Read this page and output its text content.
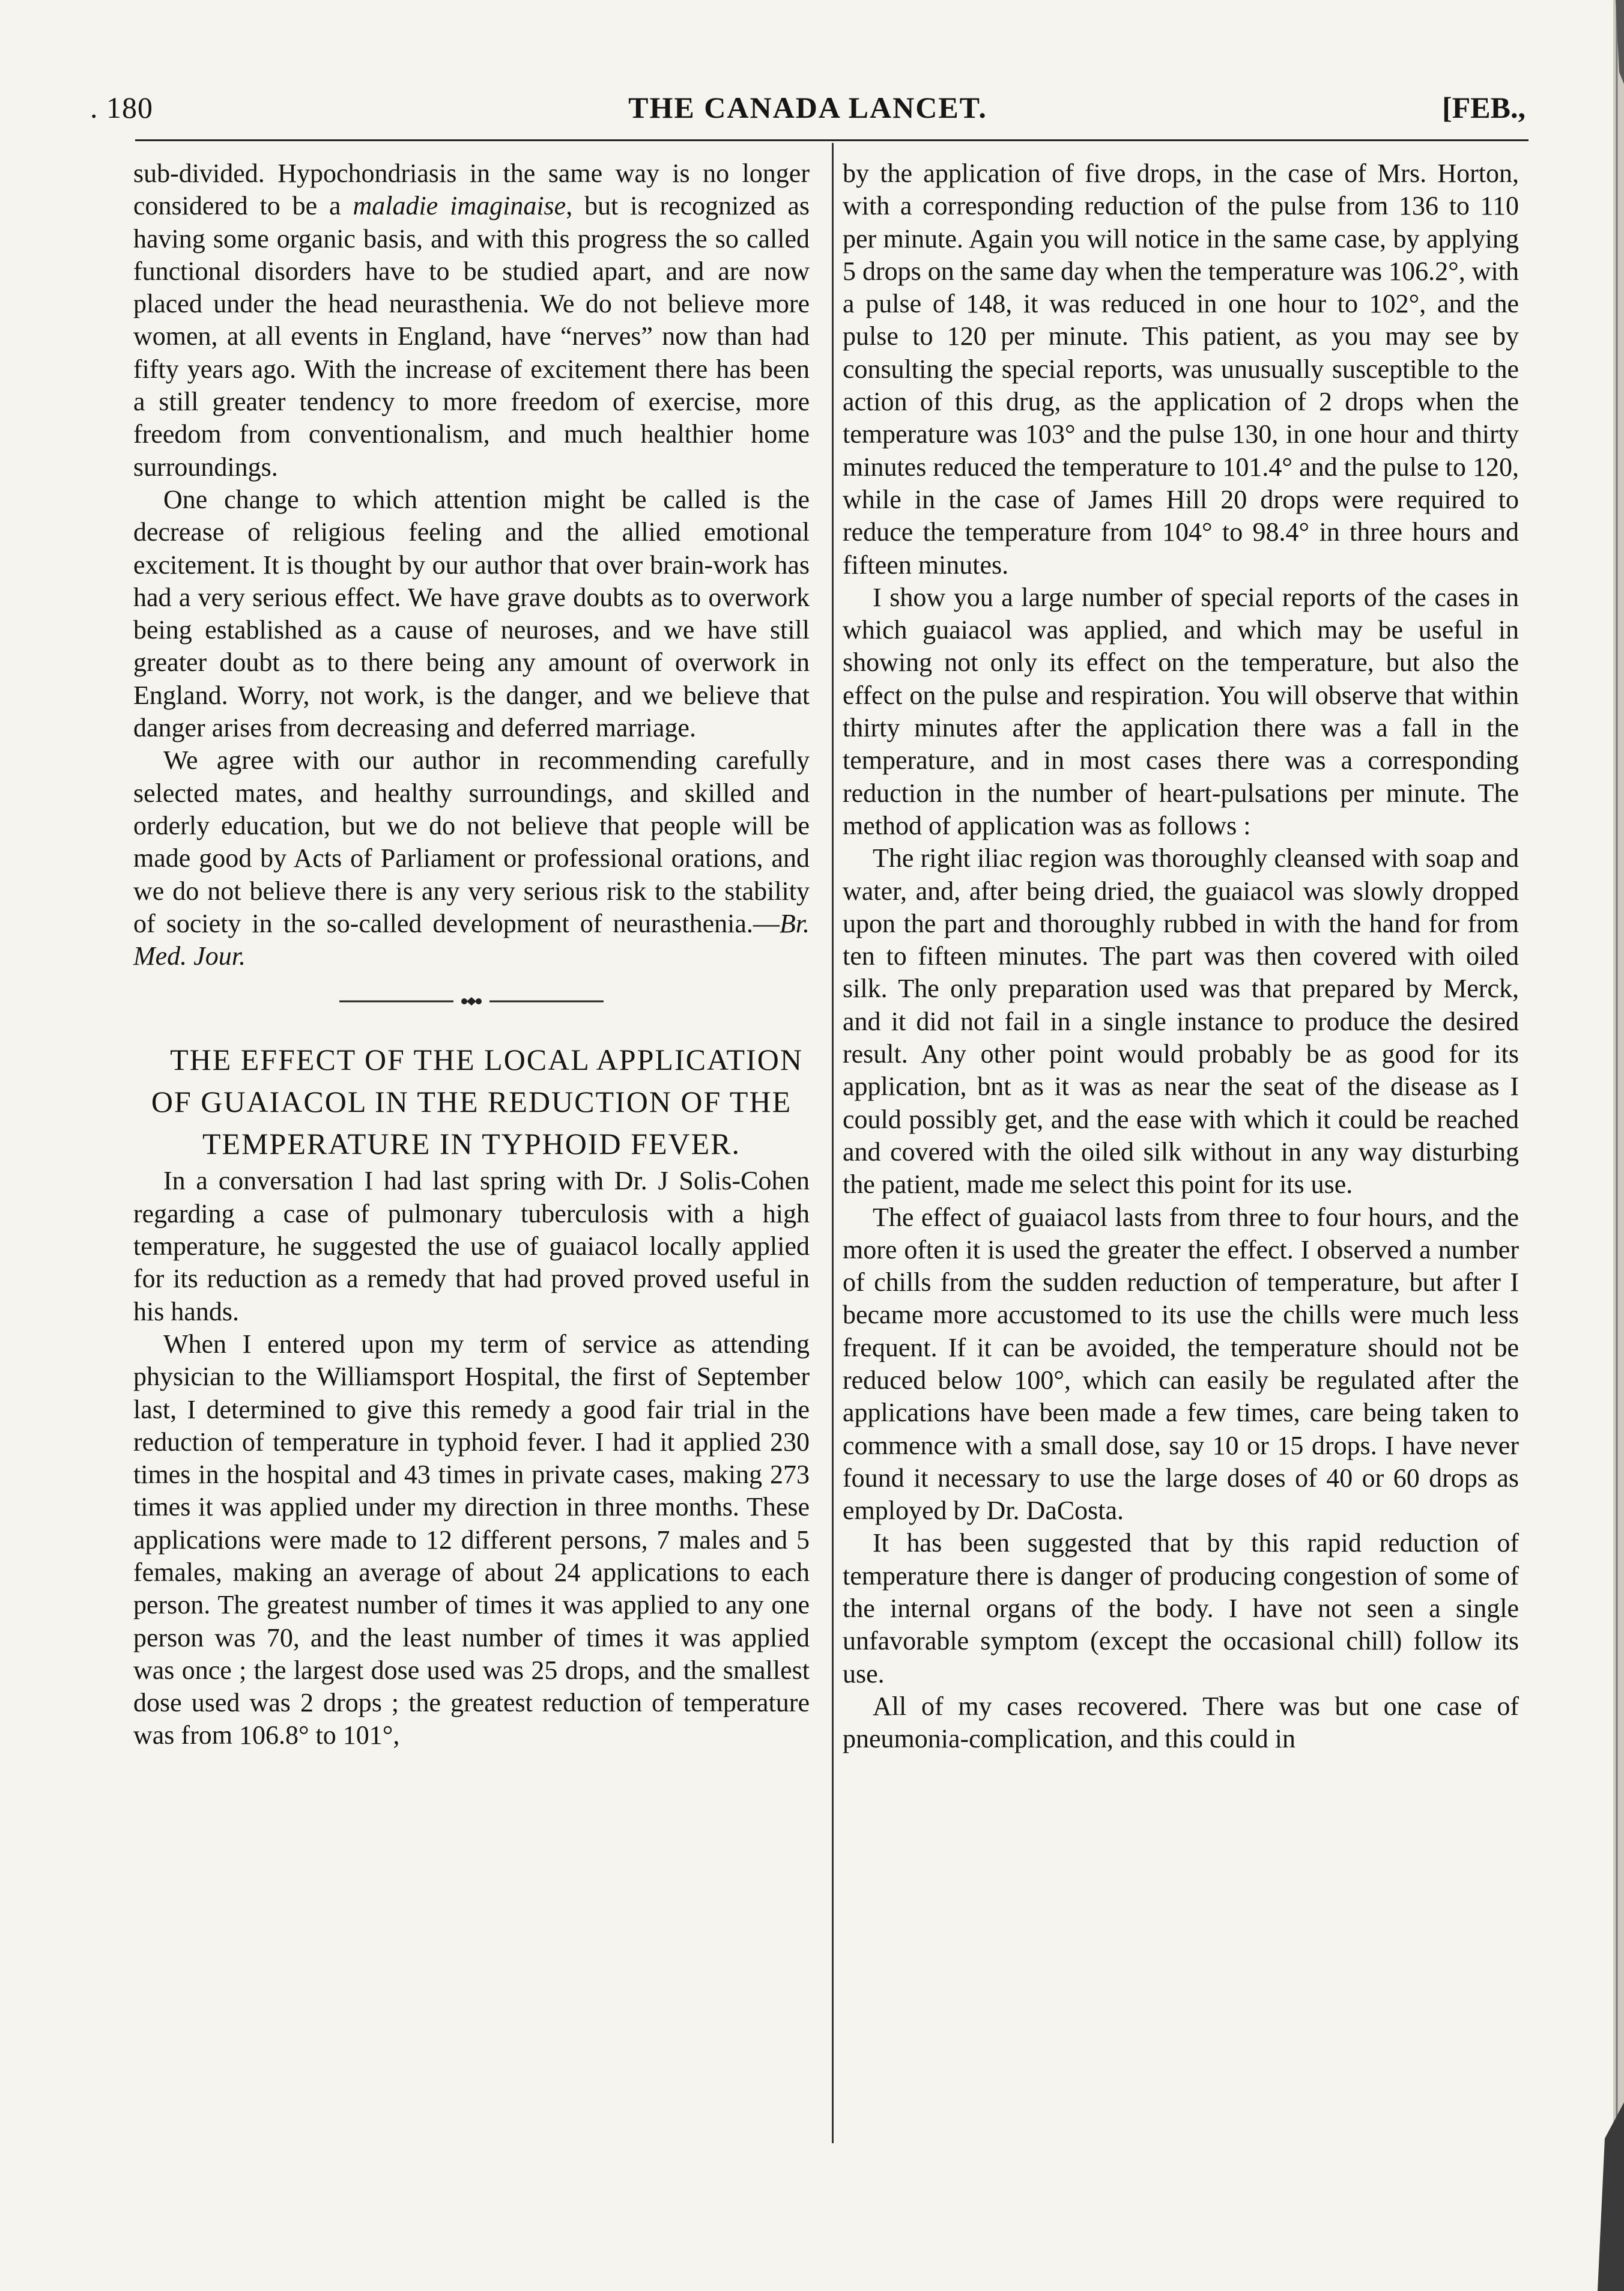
. 180	THE CANADA LANCET.	[FEB.,

sub-divided. Hypochondriasis in the same way is no longer considered to be a maladie imaginaise, but is recognized as having some organic basis, and with this progress the so called functional disorders have to be studied apart, and are now placed under the head neurasthenia. We do not believe more women, at all events in England, have “nerves” now than had fifty years ago. With the increase of excitement there has been a still greater tendency to more freedom of exercise, more freedom from conventionalism, and much healthier home surroundings.

One change to which attention might be called is the decrease of religious feeling and the allied emotional excitement. It is thought by our author that over brain-work has had a very serious effect. We have grave doubts as to overwork being established as a cause of neuroses, and we have still greater doubt as to there being any amount of overwork in England. Worry, not work, is the danger, and we believe that danger arises from decreasing and deferred marriage.

We agree with our author in recommending carefully selected mates, and healthy surroundings, and skilled and orderly education, but we do not believe that people will be made good by Acts of Parliament or professional orations, and we do not believe there is any very serious risk to the stability of society in the so-called development of neurasthenia.—Br. Med. Jour.

THE EFFECT OF THE LOCAL APPLICATION OF GUAIACOL IN THE REDUCTION OF THE TEMPERATURE IN TYPHOID FEVER.

In a conversation I had last spring with Dr. J Solis-Cohen regarding a case of pulmonary tuberculosis with a high temperature, he suggested the use of guaiacol locally applied for its reduction as a remedy that had proved proved useful in his hands.

When I entered upon my term of service as attending physician to the Williamsport Hospital, the first of September last, I determined to give this remedy a good fair trial in the reduction of temperature in typhoid fever. I had it applied 230 times in the hospital and 43 times in private cases, making 273 times it was applied under my direction in three months. These applications were made to 12 different persons, 7 males and 5 females, making an average of about 24 applications to each person. The greatest number of times it was applied to any one person was 70, and the least number of times it was applied was once ; the largest dose used was 25 drops, and the smallest dose used was 2 drops ; the greatest reduction of temperature was from 106.8° to 101°,

by the application of five drops, in the case of Mrs. Horton, with a corresponding reduction of the pulse from 136 to 110 per minute. Again you will notice in the same case, by applying 5 drops on the same day when the temperature was 106.2°, with a pulse of 148, it was reduced in one hour to 102°, and the pulse to 120 per minute. This patient, as you may see by consulting the special reports, was unusually susceptible to the action of this drug, as the application of 2 drops when the temperature was 103° and the pulse 130, in one hour and thirty minutes reduced the temperature to 101.4° and the pulse to 120, while in the case of James Hill 20 drops were required to reduce the temperature from 104° to 98.4° in three hours and fifteen minutes.

I show you a large number of special reports of the cases in which guaiacol was applied, and which may be useful in showing not only its effect on the temperature, but also the effect on the pulse and respiration. You will observe that within thirty minutes after the application there was a fall in the temperature, and in most cases there was a corresponding reduction in the number of heart-pulsations per minute. The method of application was as follows :

The right iliac region was thoroughly cleansed with soap and water, and, after being dried, the guaiacol was slowly dropped upon the part and thoroughly rubbed in with the hand for from ten to fifteen minutes. The part was then covered with oiled silk. The only preparation used was that prepared by Merck, and it did not fail in a single instance to produce the desired result. Any other point would probably be as good for its application, bnt as it was as near the seat of the disease as I could possibly get, and the ease with which it could be reached and covered with the oiled silk without in any way disturbing the patient, made me select this point for its use.

The effect of guaiacol lasts from three to four hours, and the more often it is used the greater the effect. I observed a number of chills from the sudden reduction of temperature, but after I became more accustomed to its use the chills were much less frequent. If it can be avoided, the temperature should not be reduced below 100°, which can easily be regulated after the applications have been made a few times, care being taken to commence with a small dose, say 10 or 15 drops. I have never found it necessary to use the large doses of 40 or 60 drops as employed by Dr. DaCosta.

It has been suggested that by this rapid reduction of temperature there is danger of producing congestion of some of the internal organs of the body. I have not seen a single unfavorable symptom (except the occasional chill) follow its use.

All of my cases recovered. There was but one case of pneumonia-complication, and this could in
